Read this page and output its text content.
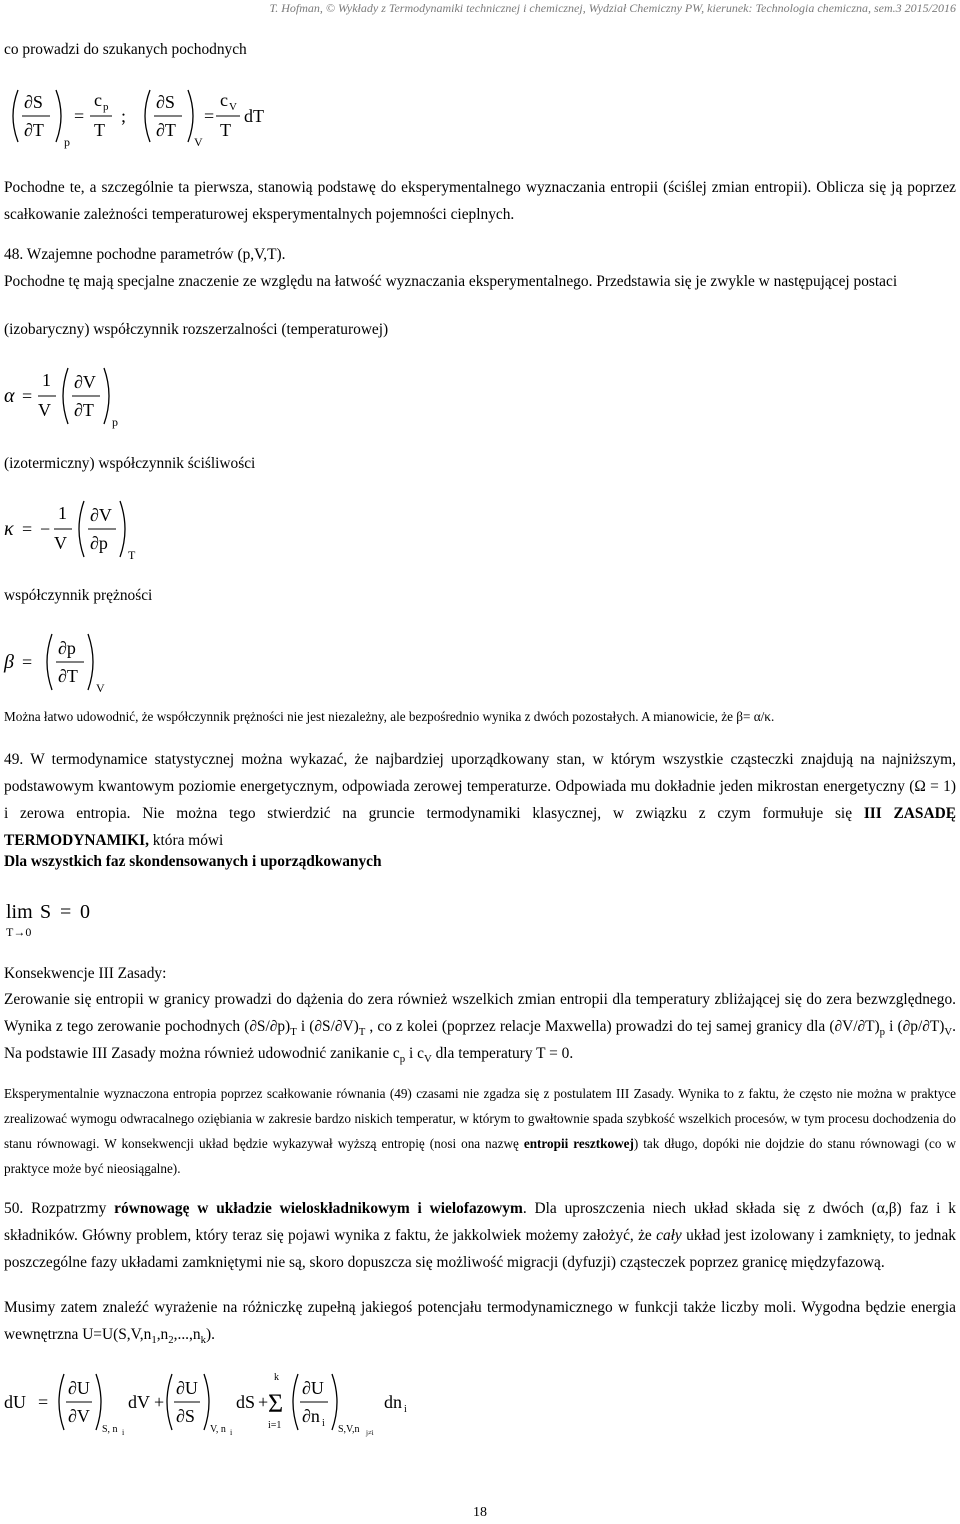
T. Hofman, © Wykłady z Termodynamiki technicznej i chemicznej, Wydział Chemiczny PW, kierunek: Technologia chemiczna, sem.3 2015/2016

co prowadzi do szukanych pochodnych

∂S
∂T
p
=
c p
T
;
∂S
∂T
V
=
c V
T
dT

Pochodne te, a szczególnie ta pierwsza, stanowią podstawę do eksperymentalnego wyznaczania entropii (ściślej zmian entropii). Oblicza się ją poprzez scałkowanie zależności temperaturowej eksperymentalnych pojemności cieplnych.

48. Wzajemne pochodne parametrów (p,V,T).

Pochodne tę mają specjalne znaczenie ze względu na łatwość wyznaczania eksperymentalnego. Przedstawia się je zwykle w następującej postaci

(izobaryczny) współczynnik rozszerzalności (temperaturowej)

α =
1
V
∂V
∂T
p

(izotermiczny) współczynnik ściśliwości

κ = −
1
V
∂V
∂p
T

współczynnik prężności

β =
∂p
∂T
V

Można łatwo udowodnić, że współczynnik prężności nie jest niezależny, ale bezpośrednio wynika z dwóch pozostałych. A mianowicie, że β= α/κ.

49. W termodynamice statystycznej można wykazać, że najbardziej uporządkowany stan, w którym wszystkie cząsteczki znajdują na najniższym, podstawowym kwantowym poziomie energetycznym, odpowiada zerowej temperaturze. Odpowiada mu dokładnie jeden mikrostan energetyczny (Ω = 1) i zerowa entropia. Nie można tego stwierdzić na gruncie termodynamiki klasycznej, w związku z czym formułuje się III ZASADĘ TERMODYNAMIKI, która mówi

Dla wszystkich faz skondensowanych i uporządkowanych

lim S = 0
T→0

Konsekwencje III Zasady:

Zerowanie się entropii w granicy prowadzi do dążenia do zera również wszelkich zmian entropii dla temperatury zbliżającej się do zera bezwzględnego. Wynika z tego zerowanie pochodnych $(\partial S/\partial p)_T$ i $(\partial S/\partial V)_T$ , co z kolei (poprzez relacje Maxwella) prowadzi do tej samej granicy dla $(\partial V/\partial T)_p$ i $(\partial p/\partial T)_V$. Na podstawie III Zasady można również udowodnić zanikanie $c_p$ i $c_V$ dla temperatury T = 0.

Eksperymentalnie wyznaczona entropia poprzez scałkowanie równania (49) czasami nie zgadza się z postulatem III Zasady. Wynika to z faktu, że często nie można w praktyce zrealizować wymogu odwracalnego oziębiania w zakresie bardzo niskich temperatur, w którym to gwałtownie spada szybkość wszelkich procesów, w tym procesu dochodzenia do stanu równowagi. W konsekwencji układ będzie wykazywał wyższą entropię (nosi ona nazwę entropii resztkowej) tak długo, dopóki nie dojdzie do stanu równowagi (co w praktyce może być nieosiągalne).

50. Rozpatrzmy równowagę w układzie wieloskładnikowym i wielofazowym. Dla uproszczenia niech układ składa się z dwóch (α,β) faz i k składników. Główny problem, który teraz się pojawi wynika z faktu, że jakkolwiek możemy założyć, że cały układ jest izolowany i zamknięty, to jednak poszczególne fazy układami zamkniętymi nie są, skoro dopuszcza się możliwość migracji (dyfuzji) cząsteczek poprzez granicę międzyfazową.

Musimy zatem znaleźć wyrażenie na różniczkę zupełną jakiegoś potencjału termodynamicznego w funkcji także liczby moli. Wygodna będzie energia wewnętrzna $U=U(S,V,n_1,n_2,...,n_k)$.

dU =
∂U
∂V
S, n i
dV +
∂U
∂S
V, n i
dS +
k
Σ
i=1
∂U
∂n i
S,V,n j≠i
dn i
18
